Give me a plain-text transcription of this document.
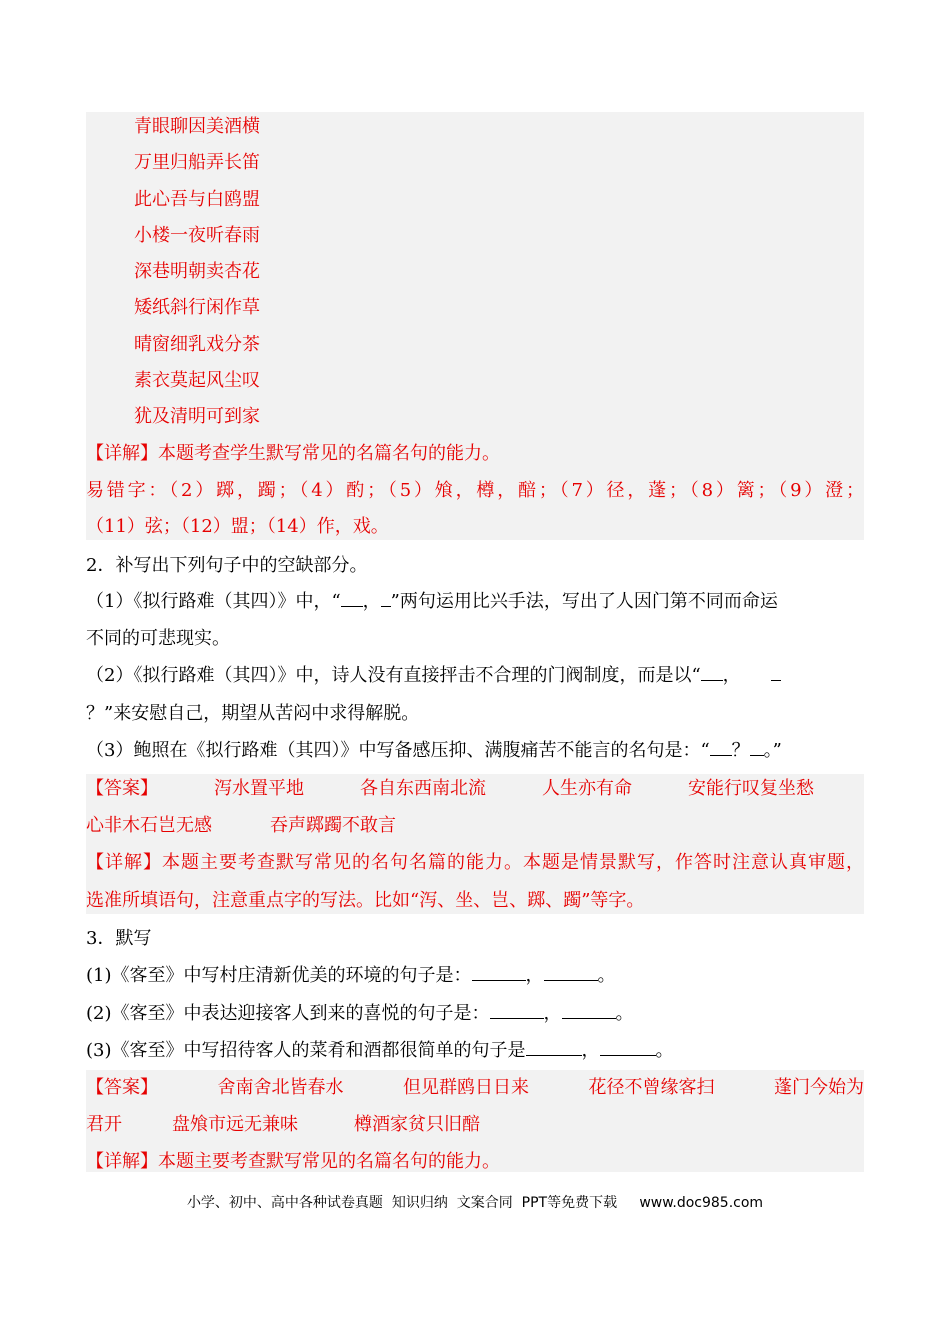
青眼聊因美酒横
万里归船弄长笛
此心吾与白鸥盟
小楼一夜听春雨
深巷明朝卖杏花
矮纸斜行闲作草
晴窗细乳戏分茶
素衣莫起风尘叹
犹及清明可到家
【详解】本题考查学生默写常见的名篇名句的能力。
易错字：（2）踯，躅；（4）酌；（5）飧，樽，醅；（7）径，蓬；（8）篱；（9）澄；
（11）弦；（12）盟；（14）作，戏。
2．补写出下列句子中的空缺部分。
（1）《拟行路难（其四）》中，“ ， ”两句运用比兴手法，写出了人因门第不同而命运
不同的可悲现实。
（2）《拟行路难（其四）》中，诗人没有直接抨击不合理的门阀制度，而是以“ ，
？”来安慰自己，期望从苦闷中求得解脱。
（3）鲍照在《拟行路难（其四）》中写备感压抑、满腹痛苦不能言的名句是：“ ？ 。”
【答案】	泻水置平地	各自东西南北流	人生亦有命	安能行叹复坐愁
心非木石岂无感	吞声踯躅不敢言
【详解】本题主要考查默写常见的名句名篇的能力。本题是情景默写，作答时注意认真审题，
选准所填语句，注意重点字的写法。比如“泻、坐、岂、踯、躅”等字。
3．默写
(1)《客至》中写村庄清新优美的环境的句子是：	，	。
(2)《客至》中表达迎接客人到来的喜悦的句子是：	，	。
(3)《客至》中写招待客人的菜肴和酒都很简单的句子是	，	。
【答案】	舍南舍北皆春水	但见群鸥日日来	花径不曾缘客扫	蓬门今始为
君开	盘飧市远无兼味	樽酒家贫只旧醅
【详解】本题主要考查默写常见的名篇名句的能力。
小学、初中、高中各种试卷真题  知识归纳  文案合同  PPT等免费下载     www.doc985.com
